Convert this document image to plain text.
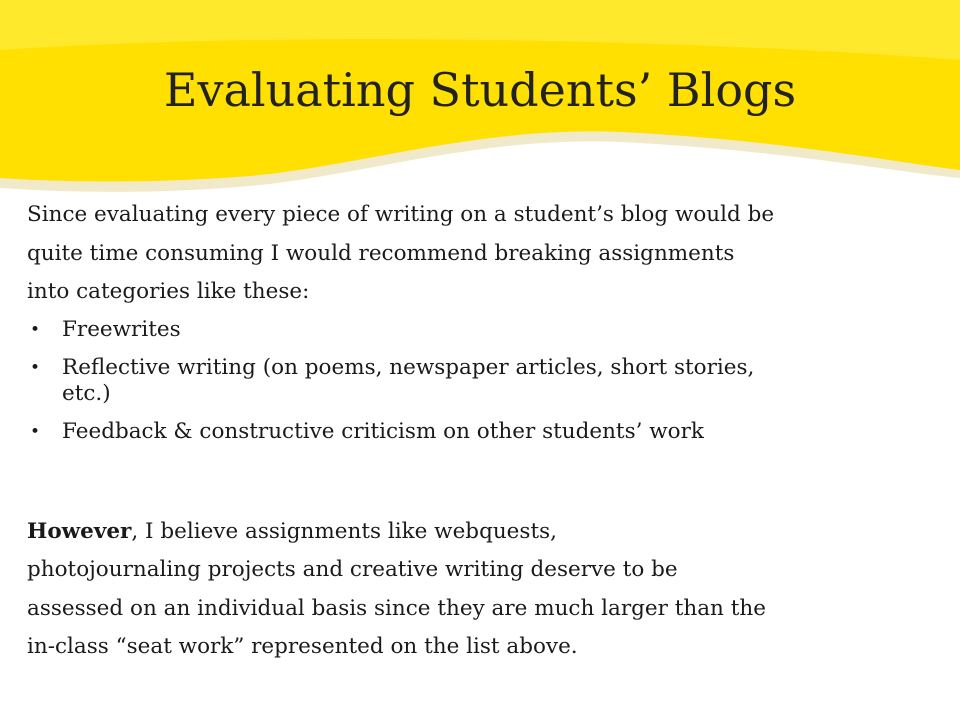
Evaluating Students’ Blogs

Since evaluating every piece of writing on a student’s blog would be

quite time consuming I would recommend breaking assignments

into categories like these:

• Freewrites
• Reflective writing (on poems, newspaper articles, short stories,
etc.)
• Feedback & constructive criticism on other students’ work

However, I believe assignments like webquests,

photojournaling projects and creative writing deserve to be

assessed on an individual basis since they are much larger than the

in-class “seat work” represented on the list above.
